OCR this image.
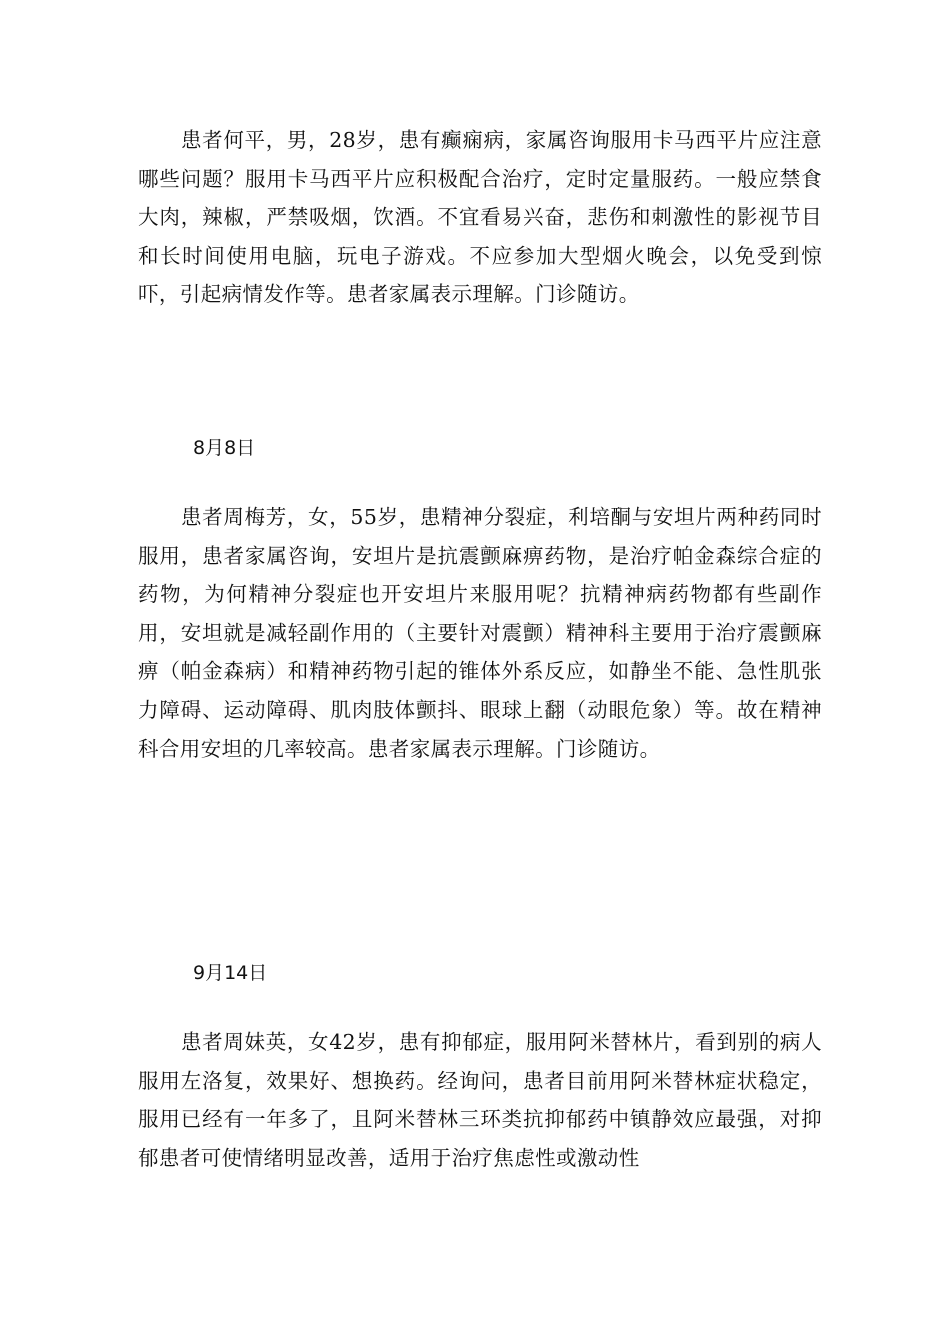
患者何平，男，28岁，患有癫痫病，家属咨询服用卡马西平片应注意哪些问题？服用卡马西平片应积极配合治疗，定时定量服药。一般应禁食大肉，辣椒，严禁吸烟，饮酒。不宜看易兴奋，悲伤和刺激性的影视节目和长时间使用电脑，玩电子游戏。不应参加大型烟火晚会，以免受到惊吓，引起病情发作等。患者家属表示理解。门诊随访。

8月8日

患者周梅芳，女，55岁，患精神分裂症，利培酮与安坦片两种药同时服用，患者家属咨询，安坦片是抗震颤麻痹药物，是治疗帕金森综合症的药物，为何精神分裂症也开安坦片来服用呢？抗精神病药物都有些副作用，安坦就是减轻副作用的（主要针对震颤）精神科主要用于治疗震颤麻痹（帕金森病）和精神药物引起的锥体外系反应，如静坐不能、急性肌张力障碍、运动障碍、肌肉肢体颤抖、眼球上翻（动眼危象）等。故在精神科合用安坦的几率较高。患者家属表示理解。门诊随访。

9月14日

患者周妹英，女42岁，患有抑郁症，服用阿米替林片，看到别的病人服用左洛复，效果好、想换药。经询问，患者目前用阿米替林症状稳定，服用已经有一年多了，且阿米替林三环类抗抑郁药中镇静效应最强，对抑郁患者可使情绪明显改善，适用于治疗焦虑性或激动性
